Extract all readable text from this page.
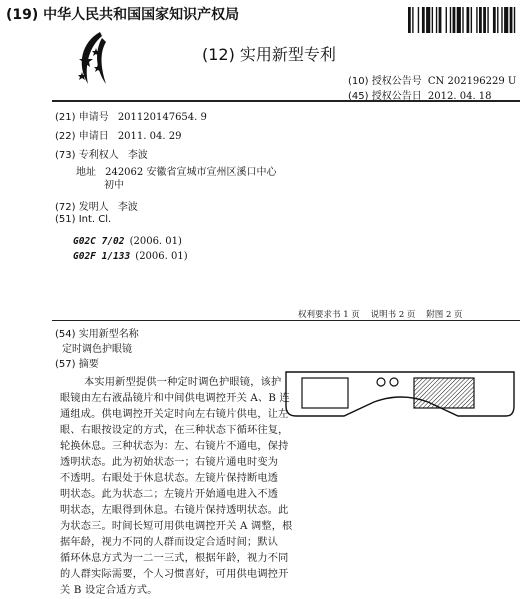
(19) 中华人民共和国国家知识产权局
(12) 实用新型专利
(10) 授权公告号 CN 202196229 U
(45) 授权公告日 2012. 04. 18
(21) 申请号 201120147654. 9
(22) 申请日 2011. 04. 29
(73) 专利权人 李波
地址 242062 安徽省宣城市宣州区溪口中心
初中
(72) 发明人 李波
(51) Int. Cl.
G02C 7/02 (2006. 01)
G02F 1/133 (2006. 01)
权利要求书 1 页    说明书 2 页    附图 2 页
(54) 实用新型名称
定时调色护眼镜
(57) 摘要
本实用新型提供一种定时调色护眼镜，该护
眼镜由左右液晶镜片和中间供电调控开关 A、B 连
通组成。供电调控开关定时向左右镜片供电，让左
眼、右眼按设定的方式，在三种状态下循环往复，
轮换休息。三种状态为：左、右镜片不通电，保持
透明状态。此为初始状态一；右镜片通电时变为
不透明。右眼处于休息状态。左镜片保持断电透
明状态。此为状态二；左镜片开始通电进入不透
明状态，左眼得到休息。右镜片保持透明状态。此
为状态三。时间长短可用供电调控开关 A 调整，根
据年龄，视力不同的人群而设定合适时间；默认
循环休息方式为一二一三式，根据年龄，视力不同
的人群实际需要，个人习惯喜好，可用供电调控开
关 B 设定合适方式。
